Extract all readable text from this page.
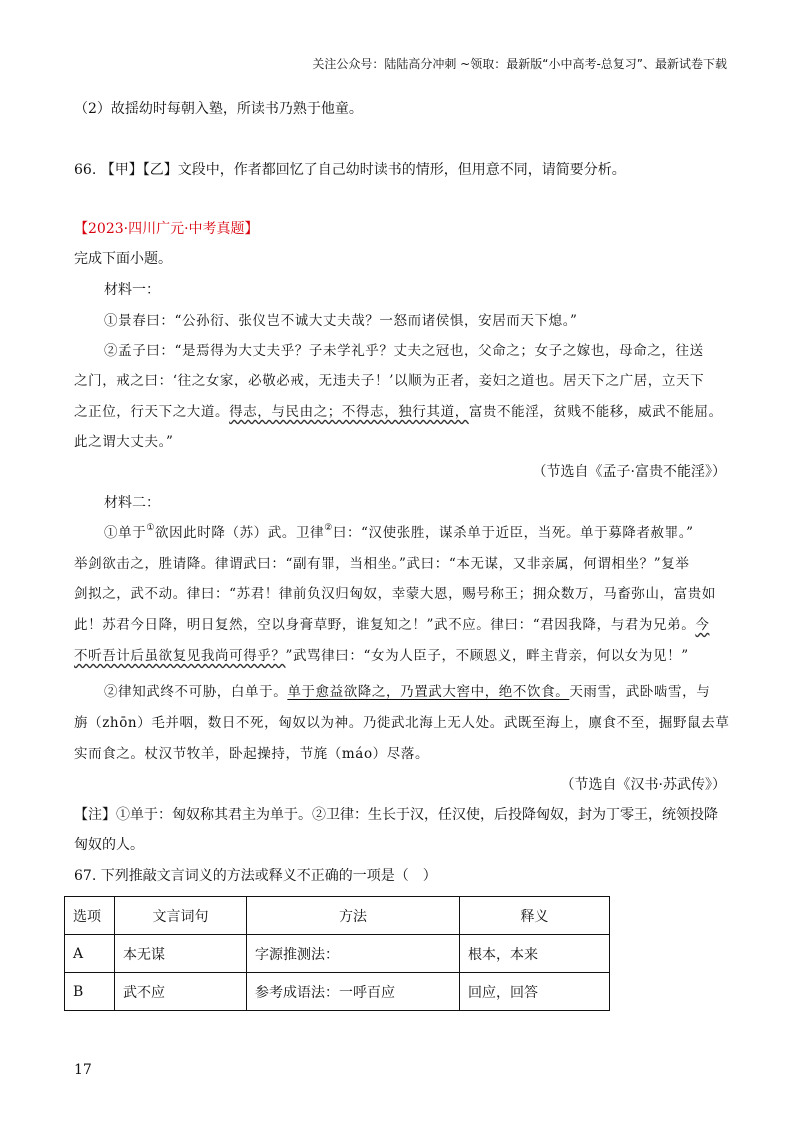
关注公众号：陆陆高分冲刺 ~领取：最新版“小中高考-总复习”、最新试卷下载
（2）故揺幼时每朝入塾，所读书乃熟于他童。
66. 【甲】【乙】文段中，作者都回忆了自己幼时读书的情形，但用意不同，请简要分析。
【2023·四川广元·中考真题】
完成下面小题。
材料一：
①景春曰：“公孙衍、张仪岂不诚大丈夫哉？一怒而诸侯惧，安居而天下熄。”
②孟子曰：“是焉得为大丈夫乎？子未学礼乎？丈夫之冠也，父命之；女子之嫁也，母命之，往送
之门，戒之曰：‘往之女家，必敬必戒，无违夫子！’以顺为正者，妾妇之道也。居天下之广居，立天下
之正位，行天下之大道。得志，与民由之；不得志，独行其道，富贵不能淫，贫贱不能移，威武不能屈。
此之谓大丈夫。”
（节选自《孟子·富贵不能淫》）
材料二：
①单于①欲因此时降（苏）武。卫律②曰：“汉使张胜，谋杀单于近臣，当死。单于募降者赦罪。”
举剑欲击之，胜请降。律谓武曰：“副有罪，当相坐。”武曰：“本无谋，又非亲属，何谓相坐？”复举
剑拟之，武不动。律曰：“苏君！律前负汉归匈奴，幸蒙大恩，赐号称王；拥众数万，马畜弥山，富贵如
此！苏君今日降，明日复然，空以身膏草野，谁复知之！”武不应。律曰：“君因我降，与君为兄弟。今
不听吾计后虽欲复见我尚可得乎？”武骂律曰：“女为人臣子，不顾恩义，畔主背亲，何以女为见！”
②律知武终不可胁，白单于。单于愈益欲降之，乃置武大窖中，绝不饮食。天雨雪，武卧啮雪，与
旃（zhōn）毛并咽，数日不死，匈奴以为神。乃徙武北海上无人处。武既至海上，廪食不至，掘野鼠去草
实而食之。杖汉节牧羊，卧起操持，节旄（máo）尽落。
（节选自《汉书·苏武传》）
【注】①单于：匈奴称其君主为单于。②卫律：生长于汉，任汉使，后投降匈奴，封为丁零王，统领投降
匈奴的人。
67. 下列推敲文言词义的方法或释义不正确的一项是（　）
选项	文言词句	方法	释义
A	本无谋	字源推测法：	根本，本来
B	武不应	参考成语法：一呼百应	回应，回答
17
